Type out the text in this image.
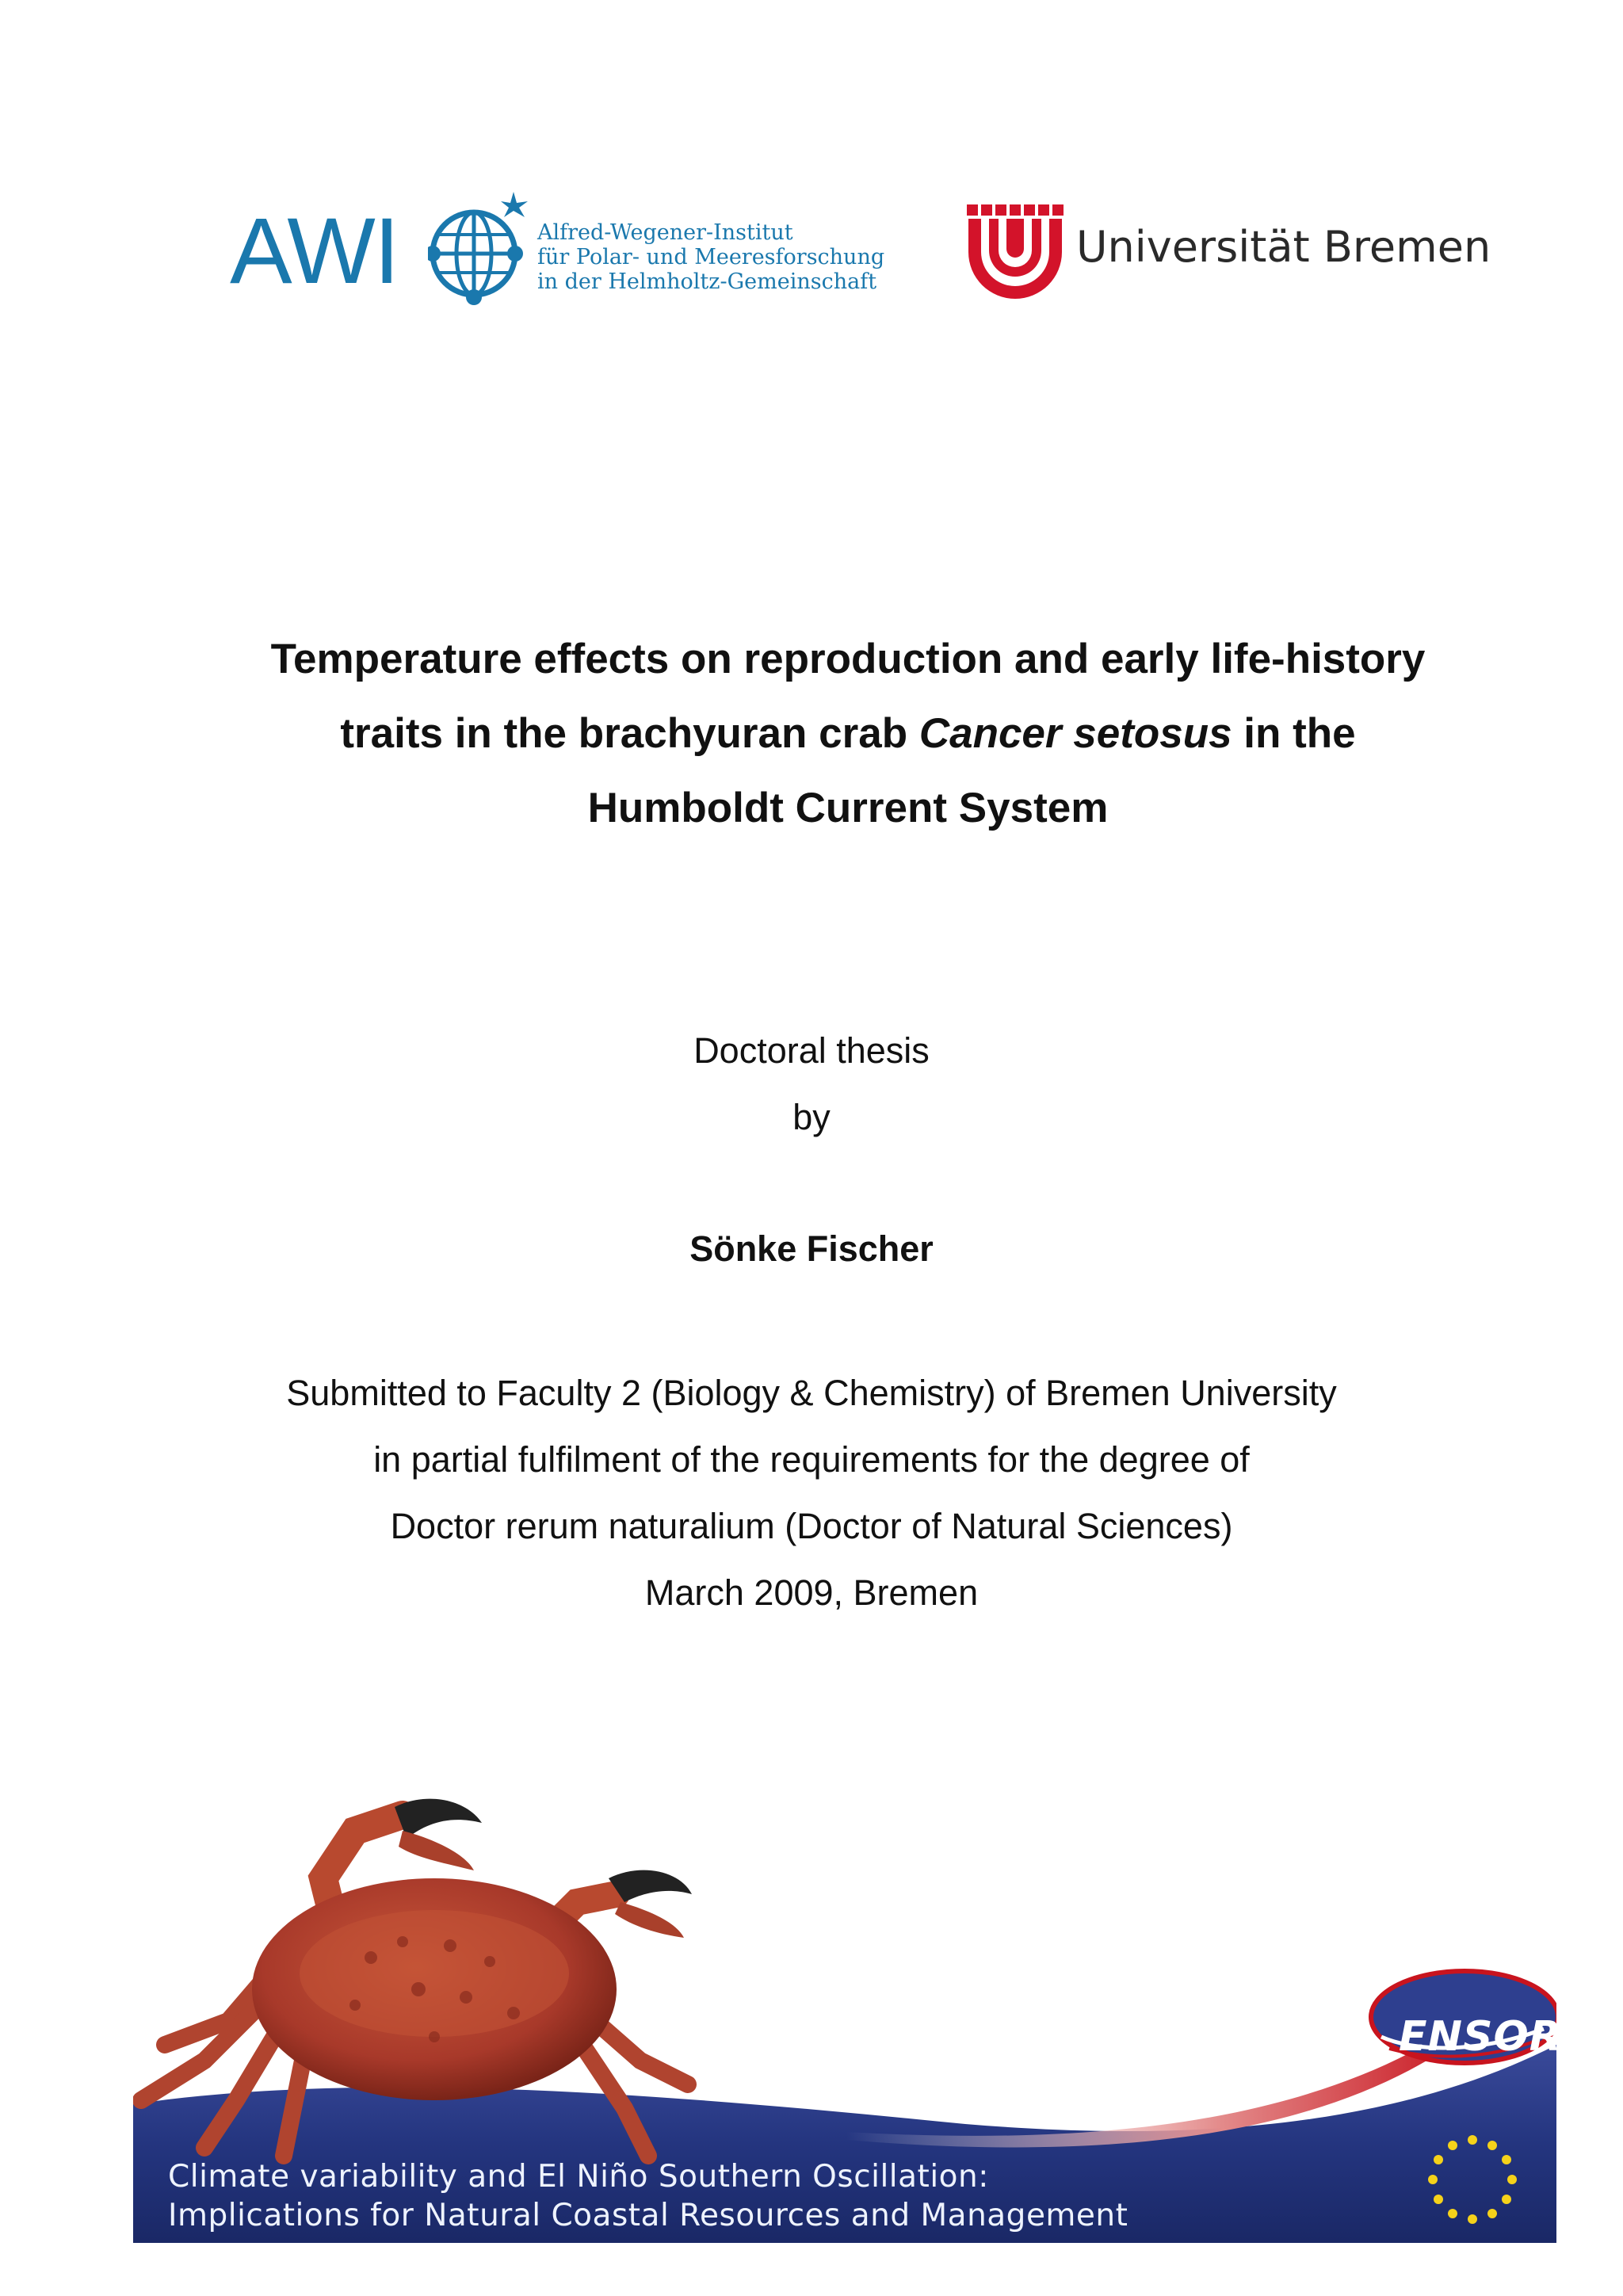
AWI	Alfred-Wegener-Institut
für Polar- und Meeresforschung
in der Helmholtz-Gemeinschaft
Universität Bremen
Temperature effects on reproduction and early life-history
traits in the brachyuran crab Cancer setosus in the
Humboldt Current System
Doctoral thesis
by
Sönke Fischer
Submitted to Faculty 2 (Biology & Chemistry) of Bremen University
in partial fulfilment of the requirements for the degree of
Doctor rerum naturalium (Doctor of Natural Sciences)
March 2009, Bremen
ENSOR
Climate variability and El Niño Southern Oscillation:
Implications for Natural Coastal Resources and Management
